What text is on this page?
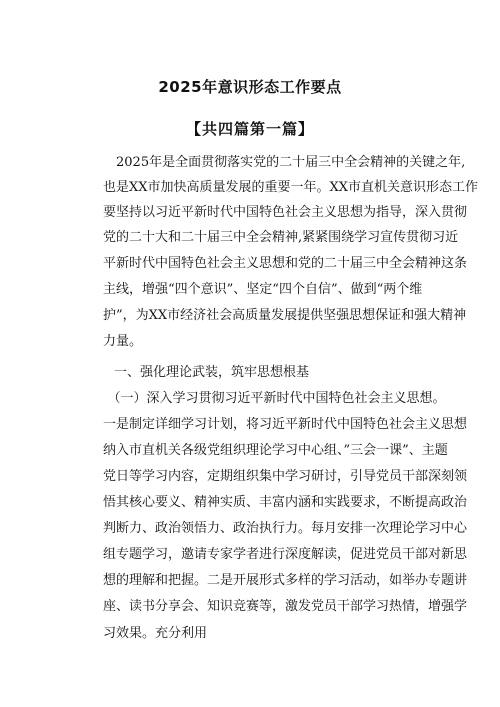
2025年意识形态工作要点
【共四篇第一篇】
　2025年是全面贯彻落实党的二十届三中全会精神的关键之年,
也是XX市加快高质量发展的重要一年。XX市直机关意识形态工作
要坚持以习近平新时代中国特色社会主义思想为指导，深入贯彻
党的二十大和二十届三中全会精神,紧紧围绕学习宣传贯彻习近
平新时代中国特色社会主义思想和党的二十届三中全会精神这条
主线，增强“四个意识”、坚定“四个自信”、做到“两个维
护”，为XX市经济社会高质量发展提供坚强思想保证和强大精神
力量。
　一、强化理论武装，筑牢思想根基
　（一）深入学习贯彻习近平新时代中国特色社会主义思想。
一是制定详细学习计划，将习近平新时代中国特色社会主义思想
纳入市直机关各级党组织理论学习中心组、”三会一课”、主题
党日等学习内容，定期组织集中学习研讨，引导党员干部深刻领
悟其核心要义、精神实质、丰富内涵和实践要求，不断提高政治
判断力、政治领悟力、政治执行力。每月安排一次理论学习中心
组专题学习，邀请专家学者进行深度解读，促进党员干部对新思
想的理解和把握。二是开展形式多样的学习活动，如举办专题讲
座、读书分享会、知识竞赛等，激发党员干部学习热情，增强学
习效果。充分利用
